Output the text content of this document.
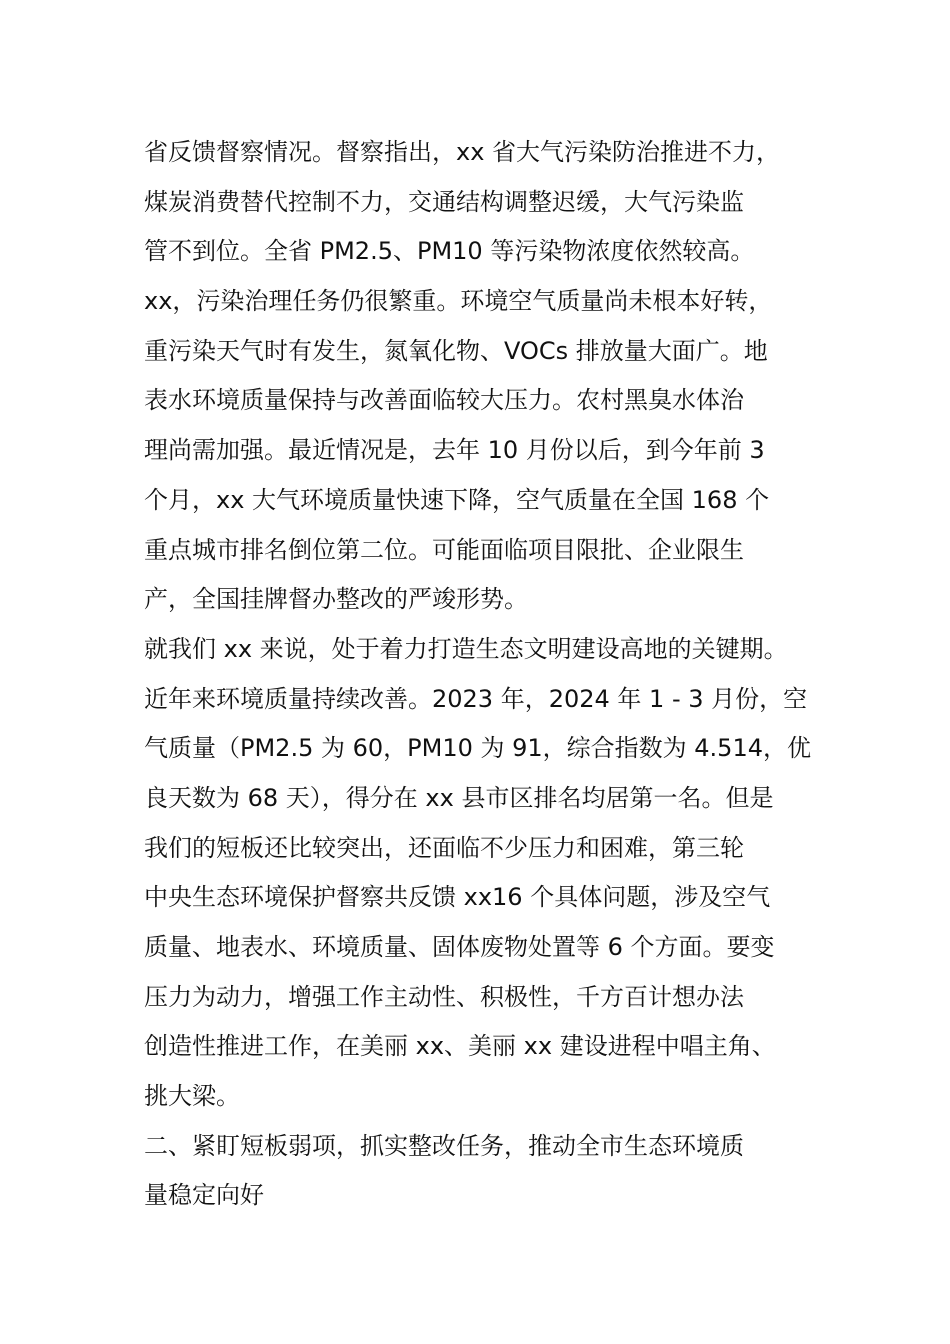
省反馈督察情况。督察指出，xx 省大气污染防治推进不力，
煤炭消费替代控制不力，交通结构调整迟缓，大气污染监
管不到位。全省 PM2.5、PM10 等污染物浓度依然较高。
xx，污染治理任务仍很繁重。环境空气质量尚未根本好转，
重污染天气时有发生，氮氧化物、VOCs 排放量大面广。地
表水环境质量保持与改善面临较大压力。农村黑臭水体治
理尚需加强。最近情况是，去年 10 月份以后，到今年前 3
个月，xx 大气环境质量快速下降，空气质量在全国 168 个
重点城市排名倒位第二位。可能面临项目限批、企业限生
产，全国挂牌督办整改的严竣形势。
就我们 xx 来说，处于着力打造生态文明建设高地的关键期。
近年来环境质量持续改善。2023 年，2024 年 1 - 3 月份，空
气质量（PM2.5 为 60，PM10 为 91，综合指数为 4.514，优
良天数为 68 天），得分在 xx 县市区排名均居第一名。但是
我们的短板还比较突出，还面临不少压力和困难，第三轮
中央生态环境保护督察共反馈 xx16 个具体问题，涉及空气
质量、地表水、环境质量、固体废物处置等 6 个方面。要变
压力为动力，增强工作主动性、积极性，千方百计想办法
创造性推进工作，在美丽 xx、美丽 xx 建设进程中唱主角、
挑大梁。
二、紧盯短板弱项，抓实整改任务，推动全市生态环境质
量稳定向好
